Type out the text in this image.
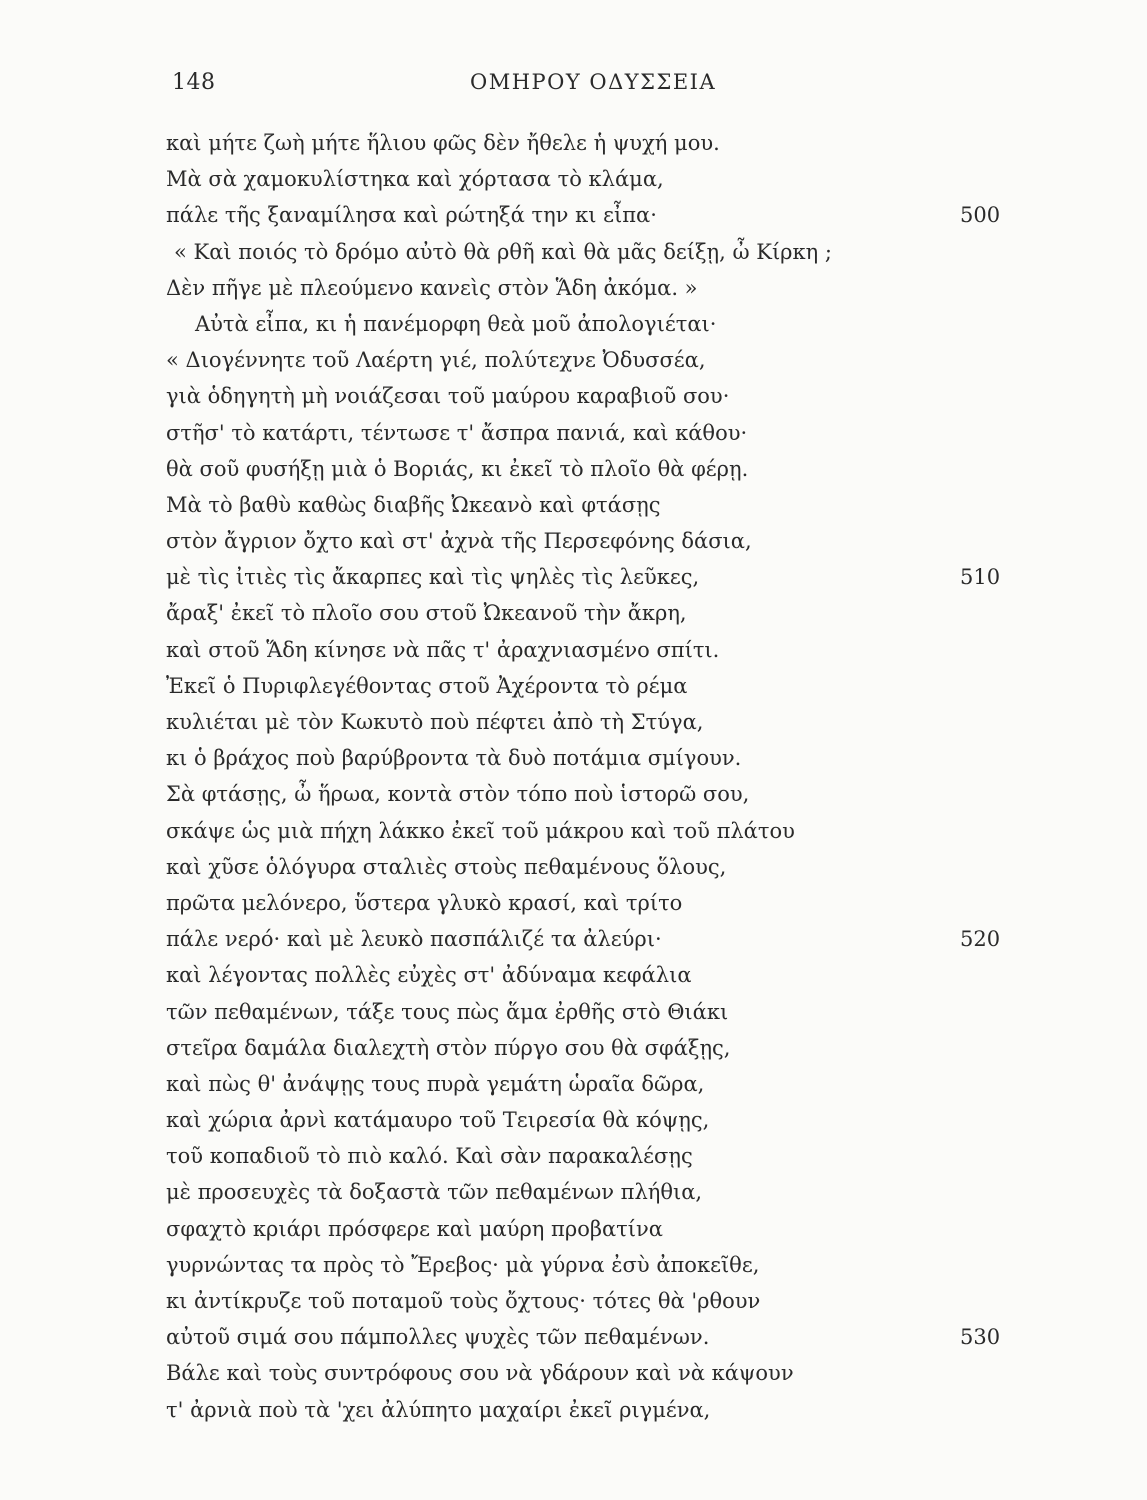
148	ΟΜΗΡΟΥ ΟΔΥΣΣΕΙΑ
καὶ μήτε ζωὴ μήτε ἥλιου φῶς δὲν ἤθελε ἡ ψυχή μου.
Μὰ σὰ χαμοκυλίστηκα καὶ χόρτασα τὸ κλάμα,
πάλε τῆς ξαναμίλησα καὶ ρώτηξά την κι εἶπα·	500
« Καὶ ποιός τὸ δρόμο αὐτὸ θὰ ρθῆ καὶ θὰ μᾶς δείξῃ, ὦ Κίρκη ;
Δὲν πῆγε μὲ πλεούμενο κανεὶς στὸν Ἅδη ἀκόμα. »
Αὐτὰ εἶπα, κι ἡ πανέμορφη θεὰ μοῦ ἀπολογιέται·
« Διογέννητε τοῦ Λαέρτη γιέ, πολύτεχνε Ὀδυσσέα,
γιὰ ὁδηγητὴ μὴ νοιάζεσαι τοῦ μαύρου καραβιοῦ σου·
στῆσ' τὸ κατάρτι, τέντωσε τ' ἄσπρα πανιά, καὶ κάθου·
θὰ σοῦ φυσήξῃ μιὰ ὁ Βοριάς, κι ἐκεῖ τὸ πλοῖο θὰ φέρῃ.
Μὰ τὸ βαθὺ καθὼς διαβῆς Ὠκεανὸ καὶ φτάσῃς
στὸν ἄγριον ὄχτο καὶ στ' ἀχνὰ τῆς Περσεφόνης δάσια,
μὲ τὶς ἰτιὲς τὶς ἄκαρπες καὶ τὶς ψηλὲς τὶς λεῦκες,	510
ἄραξ' ἐκεῖ τὸ πλοῖο σου στοῦ Ὠκεανοῦ τὴν ἄκρη,
καὶ στοῦ Ἅδη κίνησε νὰ πᾶς τ' ἀραχνιασμένο σπίτι.
Ἐκεῖ ὁ Πυριφλεγέθοντας στοῦ Ἀχέροντα τὸ ρέμα
κυλιέται μὲ τὸν Κωκυτὸ ποὺ πέφτει ἀπὸ τὴ Στύγα,
κι ὁ βράχος ποὺ βαρύβροντα τὰ δυὸ ποτάμια σμίγουν.
Σὰ φτάσῃς, ὦ ἥρωα, κοντὰ στὸν τόπο ποὺ ἱστορῶ σου,
σκάψε ὡς μιὰ πήχη λάκκο ἐκεῖ τοῦ μάκρου καὶ τοῦ πλάτου
καὶ χῦσε ὁλόγυρα σταλιὲς στοὺς πεθαμένους ὅλους,
πρῶτα μελόνερο, ὕστερα γλυκὸ κρασί, καὶ τρίτο
πάλε νερό· καὶ μὲ λευκὸ πασπάλιζέ τα ἀλεύρι·	520
καὶ λέγοντας πολλὲς εὐχὲς στ' ἀδύναμα κεφάλια
τῶν πεθαμένων, τάξε τους πὼς ἅμα ἐρθῆς στὸ Θιάκι
στεῖρα δαμάλα διαλεχτὴ στὸν πύργο σου θὰ σφάξῃς,
καὶ πὼς θ' ἀνάψῃς τους πυρὰ γεμάτη ὡραῖα δῶρα,
καὶ χώρια ἀρνὶ κατάμαυρο τοῦ Τειρεσία θὰ κόψῃς,
τοῦ κοπαδιοῦ τὸ πιὸ καλό. Καὶ σὰν παρακαλέσῃς
μὲ προσευχὲς τὰ δοξαστὰ τῶν πεθαμένων πλήθια,
σφαχτὸ κριάρι πρόσφερε καὶ μαύρη προβατίνα
γυρνώντας τα πρὸς τὸ Ἔρεβος· μὰ γύρνα ἐσὺ ἀποκεῖθε,
κι ἀντίκρυζε τοῦ ποταμοῦ τοὺς ὄχτους· τότες θὰ 'ρθουν
αὐτοῦ σιμά σου πάμπολλες ψυχὲς τῶν πεθαμένων.	530
Βάλε καὶ τοὺς συντρόφους σου νὰ γδάρουν καὶ νὰ κάψουν
τ' ἀρνιὰ ποὺ τὰ 'χει ἀλύπητο μαχαίρι ἐκεῖ ριγμένα,
